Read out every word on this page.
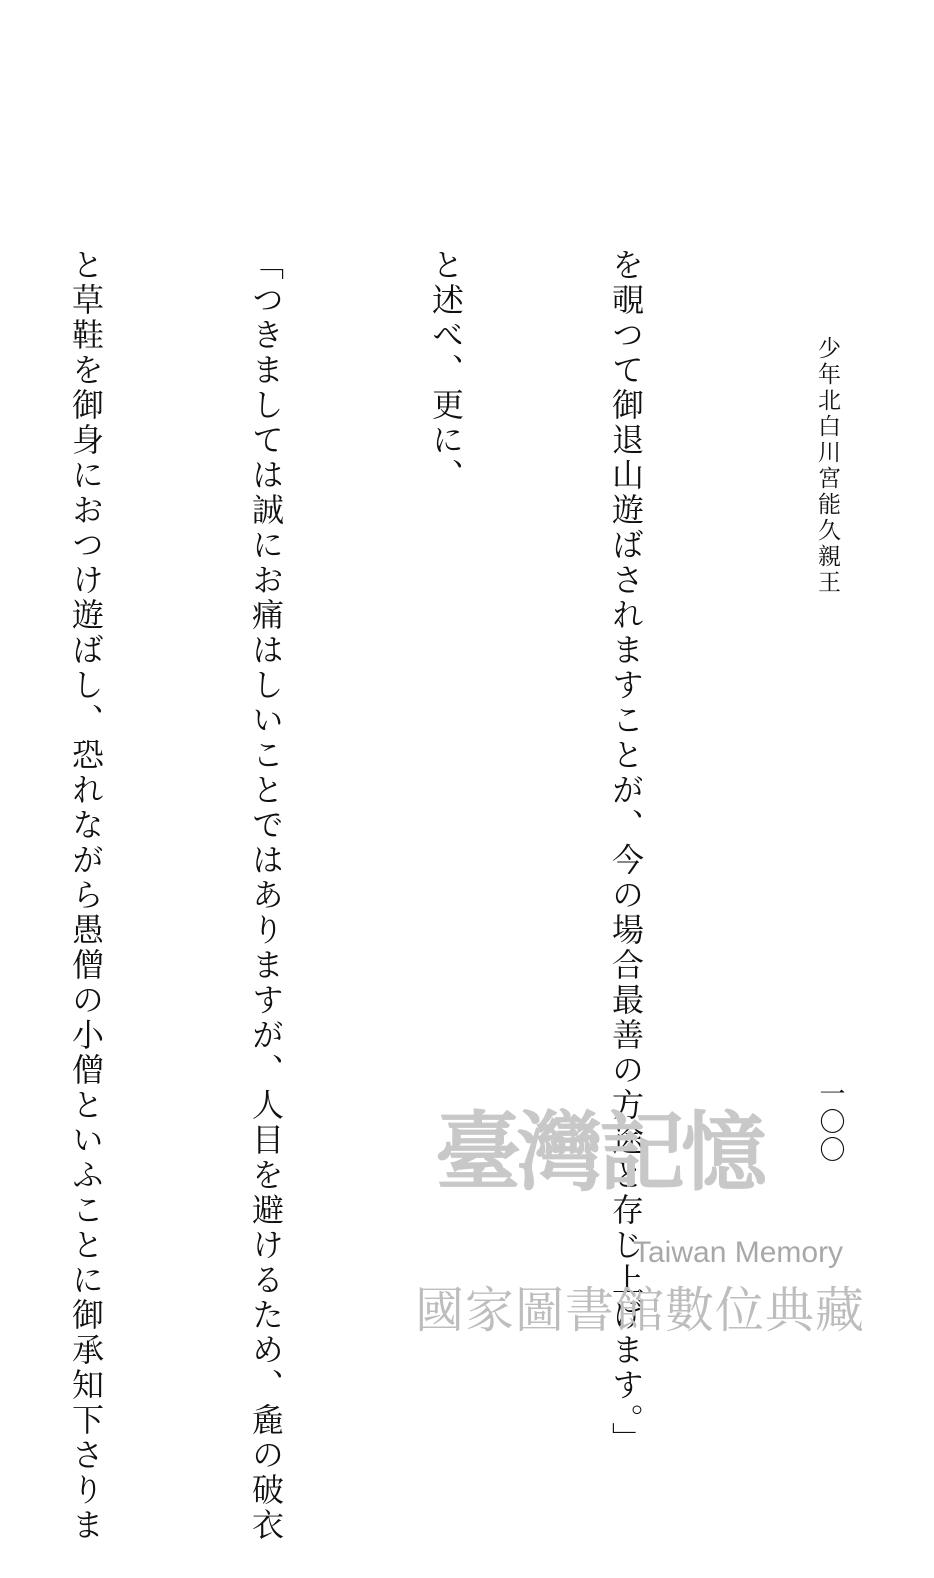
少年北白川宮能久親王
一〇〇

を覗つて御退山遊ばされますことが、今の場合最善の方途と存じ上げます。」

と述べ、更に、

「つきましては誠にお痛はしいことではありますが、人目を避けるため、麁の破衣

と草鞋を御身におつけ遊ばし、恐れながら愚僧の小僧といふことに御承知下さりま

	臺灣記憶
Taiwan Memory
國家圖書館數位典藏
